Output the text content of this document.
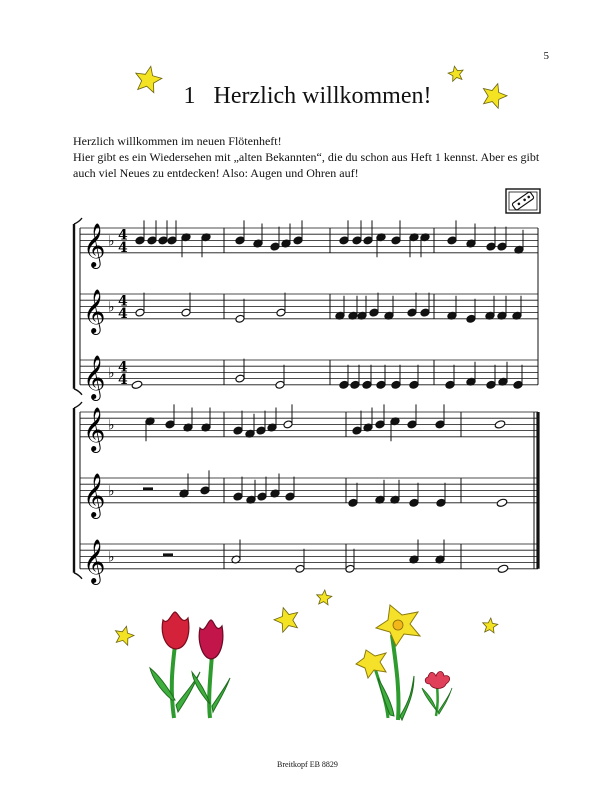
5
1 Herzlich willkommen!

Herzlich willkommen im neuen Flötenheft!

Hier gibt es ein Wiedersehen mit „alten Bekannten“, die du schon aus Heft 1 kennst. Aber es gibt auch viel Neues zu entdecken! Also: Augen und Ohren auf!

𝄞 ♭ 4
4
𝄞 ♭ 4
4
𝄞 ♭ 4
4
𝄞 ♭
𝄞 ♭
𝄞 ♭
Breitkopf EB 8829
